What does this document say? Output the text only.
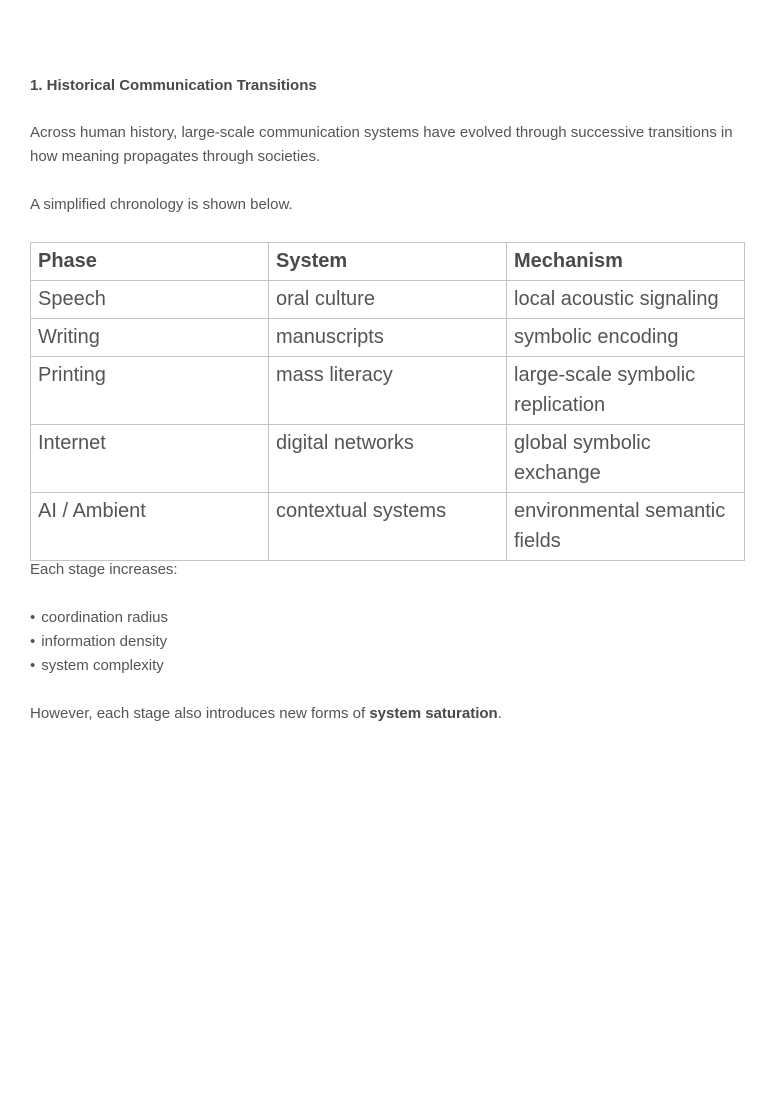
1. Historical Communication Transitions

Across human history, large-scale communication systems have evolved through successive transitions in how meaning propagates through societies.

A simplified chronology is shown below.

Phase	System	Mechanism
Speech	oral culture	local acoustic signaling
Writing	manuscripts	symbolic encoding
Printing	mass literacy	large-scale symbolic replication
Internet	digital networks	global symbolic exchange
AI / Ambient	contextual systems	environmental semantic fields

Each stage increases:

• coordination radius
• information density
• system complexity

However, each stage also introduces new forms of system saturation.
